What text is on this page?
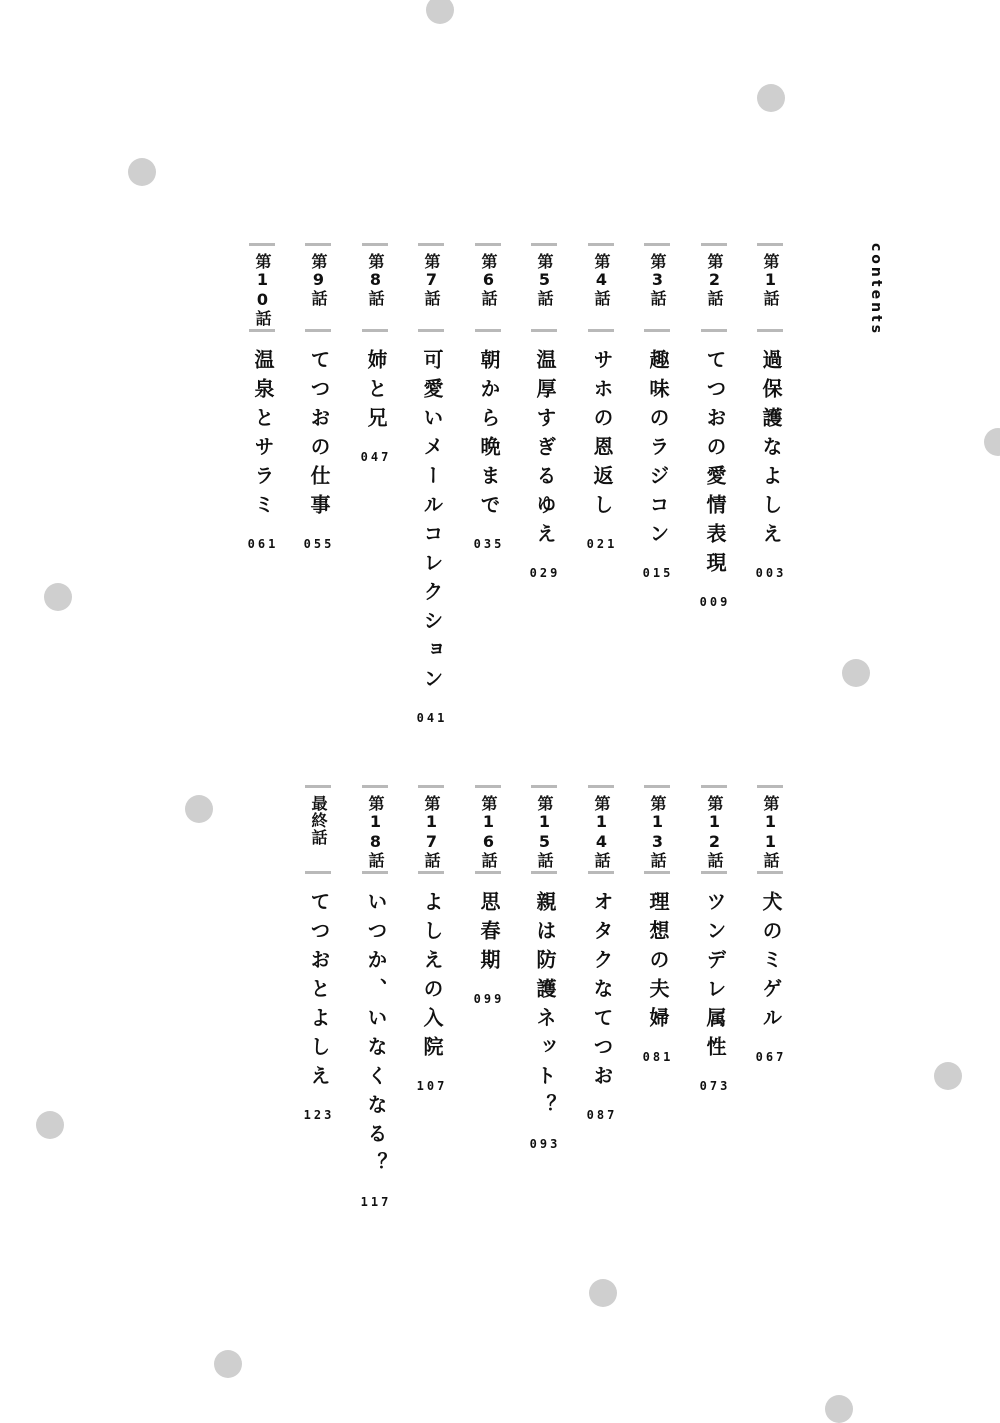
contents
第1話
過保護なよしえ
003
第2話
てつおの愛情表現
009
第3話
趣味のラジコン
015
第4話
サホの恩返し
021
第5話
温厚すぎるゆえ
029
第6話
朝から晩まで
035
第7話
可愛いメールコレクション
041
第8話
姉と兄
047
第9話
てつおの仕事
055
第10話
温泉とサラミ
061
第11話
犬のミゲル
067
第12話
ツンデレ属性
073
第13話
理想の夫婦
081
第14話
オタクなてつお
087
第15話
親は防護ネット？
093
第16話
思春期
099
第17話
よしえの入院
107
第18話
いつか、いなくなる？
117
最終話
てつおとよしえ
123
